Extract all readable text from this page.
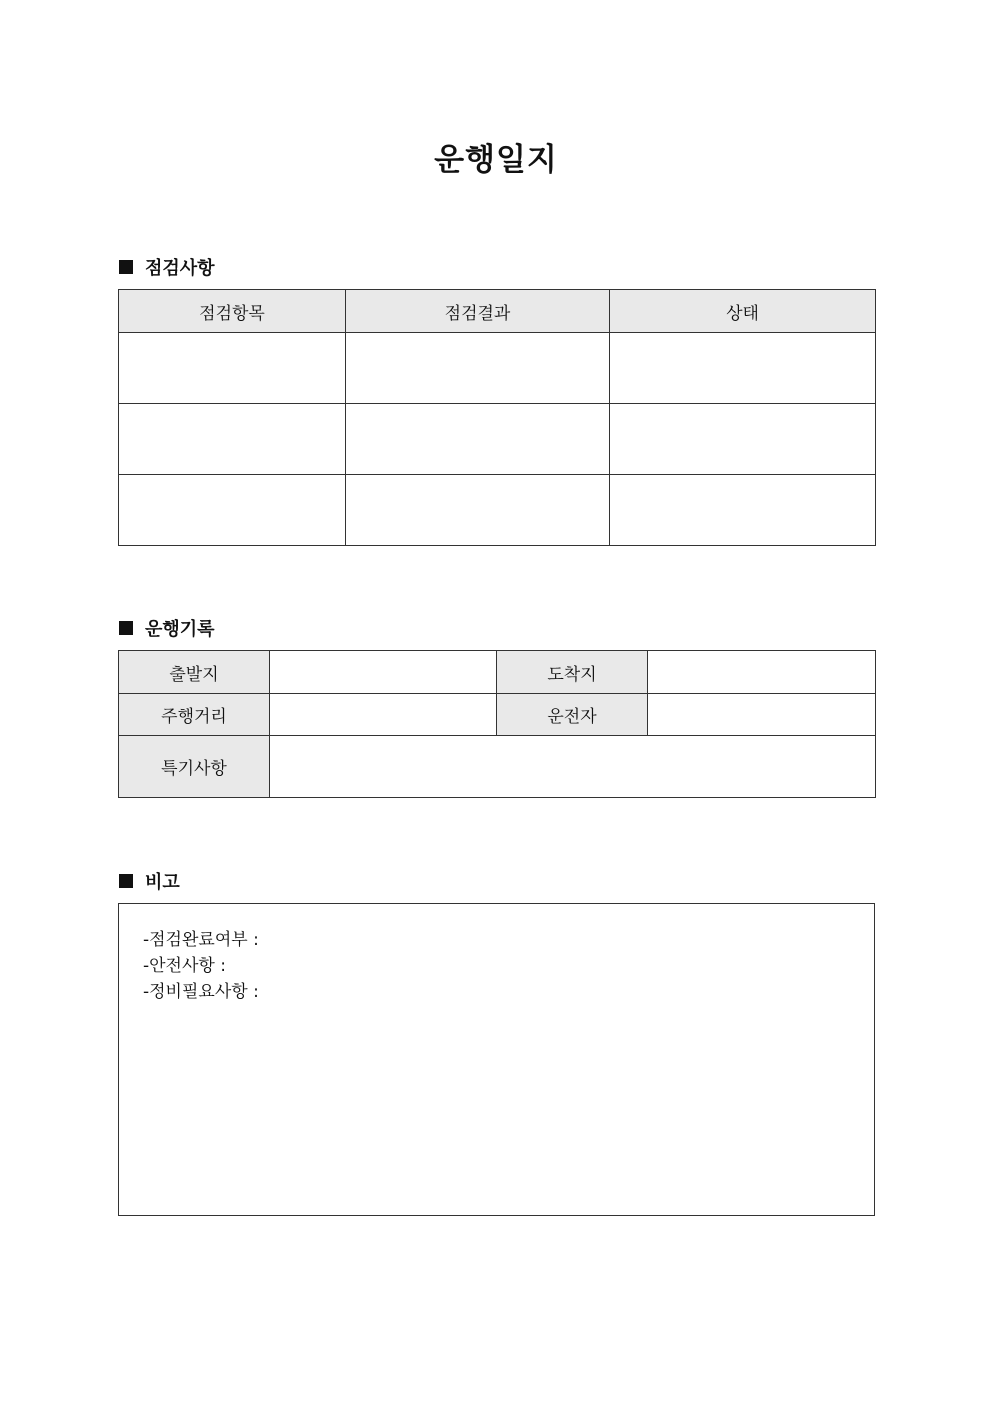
운행일지
점검사항
점검항목	점검결과	상태

운행기록
출발지		도착지	
주행거리		운전자	
특기사항			
비고
-점검완료여부 :
-안전사항 :
-정비필요사항 :
